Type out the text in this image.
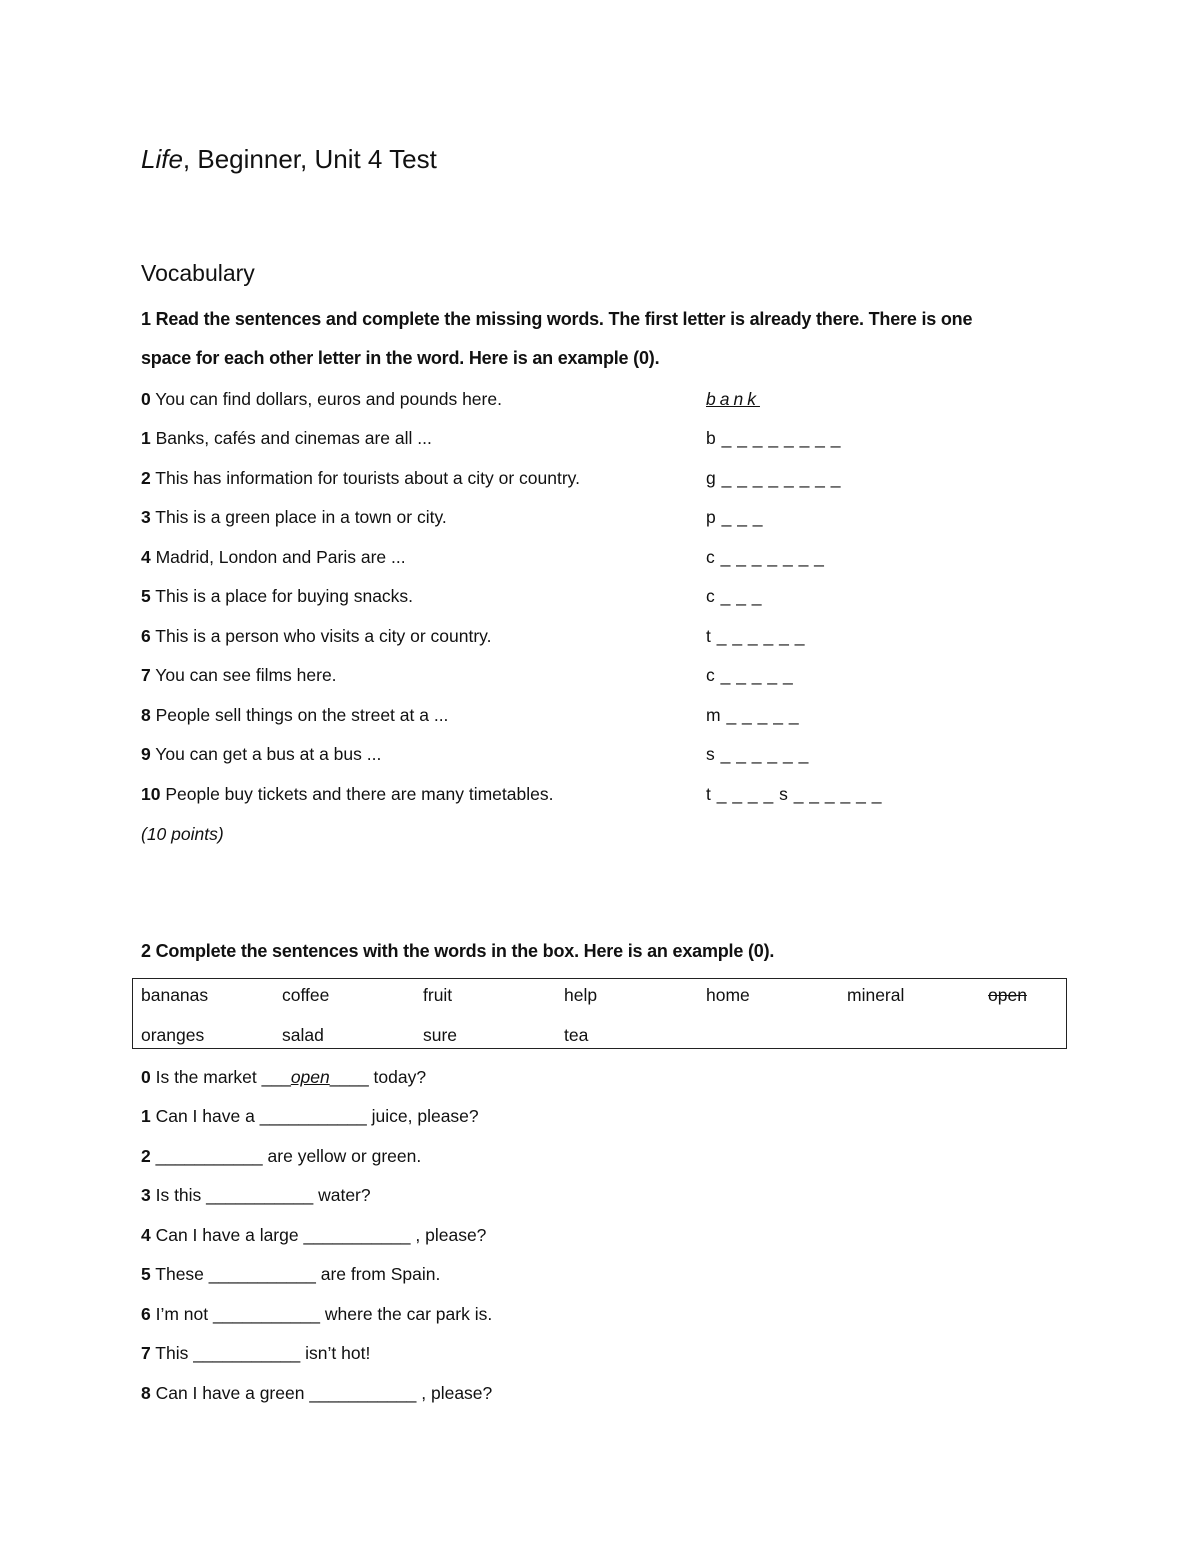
Life, Beginner, Unit 4 Test
Vocabulary
1 Read the sentences and complete the missing words. The first letter is already there. There is one
space for each other letter in the word. Here is an example (0).
0 You can find dollars, euros and pounds here.	bank
1 Banks, cafés and cinemas are all ...	b _ _ _ _ _ _ _ _
2 This has information for tourists about a city or country.	g _ _ _ _ _ _ _ _
3 This is a green place in a town or city.	p _ _ _
4 Madrid, London and Paris are ...	c _ _ _ _ _ _ _
5 This is a place for buying snacks.	c _ _ _
6 This is a person who visits a city or country.	t _ _ _ _ _ _
7 You can see films here.	c _ _ _ _ _
8 People sell things on the street at a ...	m _ _ _ _ _
9 You can get a bus at a bus ...	s _ _ _ _ _ _
10 People buy tickets and there are many timetables.	t _ _ _ _ s _ _ _ _ _ _
(10 points)
2 Complete the sentences with the words in the box. Here is an example (0).
bananas	coffee	fruit	help	home	mineral	open
oranges	salad	sure	tea
0 Is the market ___open____ today?
1 Can I have a ___________ juice, please?
2 ___________ are yellow or green.
3 Is this ___________ water?
4 Can I have a large ___________ , please?
5 These ___________ are from Spain.
6 I’m not ___________ where the car park is.
7 This ___________ isn’t hot!
8 Can I have a green ___________ , please?
